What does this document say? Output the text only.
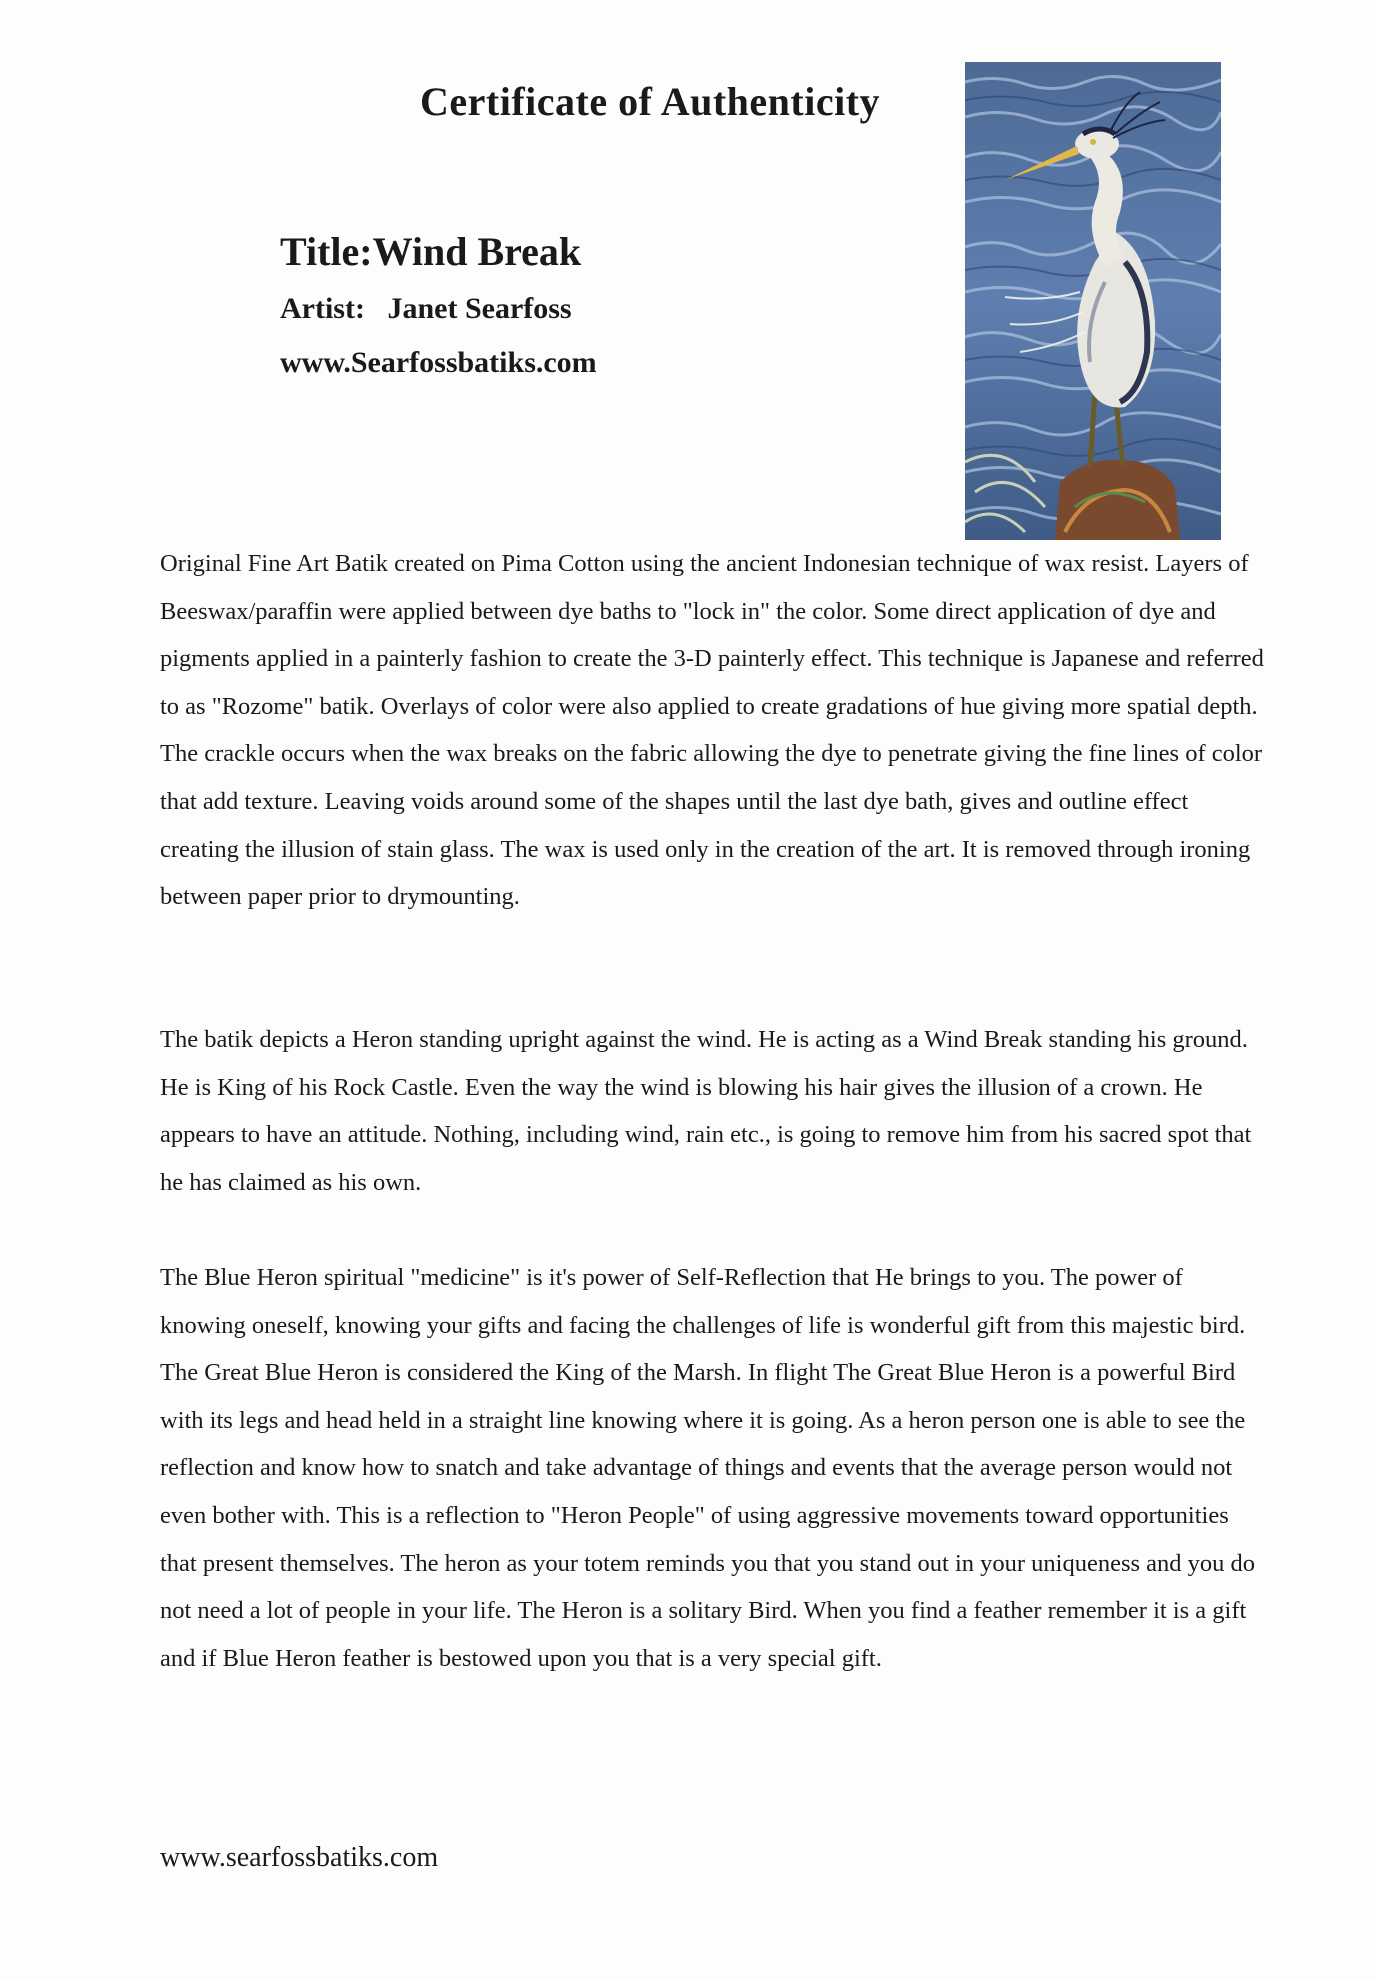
Certificate of Authenticity
Title:Wind Break
Artist:   Janet Searfoss
www.Searfossbatiks.com

Original Fine Art Batik created on Pima Cotton using the ancient Indonesian technique of wax resist. Layers of Beeswax/paraffin were applied between dye baths to "lock in" the color. Some direct application of dye and pigments applied in a painterly fashion to create the 3-D painterly effect. This technique is Japanese and referred to as "Rozome" batik. Overlays of color were also applied to create gradations of hue giving more spatial depth. The crackle occurs when the wax breaks on the fabric allowing the dye to penetrate giving the fine lines of color that add texture. Leaving voids around some of the shapes until the last dye bath, gives and outline effect creating the illusion of stain glass. The wax is used only in the creation of the art. It is removed through ironing between paper prior to drymounting.

The batik depicts a Heron standing upright against the wind. He is acting as a Wind Break standing his ground. He is King of his Rock Castle. Even the way the wind is blowing his hair gives the illusion of a crown. He appears to have an attitude. Nothing, including wind, rain etc., is going to remove him from his sacred spot that he has claimed as his own.

The Blue Heron spiritual "medicine" is it's power of Self-Reflection that He brings to you. The power of knowing oneself, knowing your gifts and facing the challenges of life is wonderful gift from this majestic bird. The Great Blue Heron is considered the King of the Marsh. In flight The Great Blue Heron is a powerful Bird with its legs and head held in a straight line knowing where it is going. As a heron person one is able to see the reflection and know how to snatch and take advantage of things and events that the average person would not even bother with. This is a reflection to "Heron People" of using aggressive movements toward opportunities that present themselves. The heron as your totem reminds you that you stand out in your uniqueness and you do not need a lot of people in your life. The Heron is a solitary Bird. When you find a feather remember it is a gift and if Blue Heron feather is bestowed upon you that is a very special gift.

www.searfossbatiks.com
